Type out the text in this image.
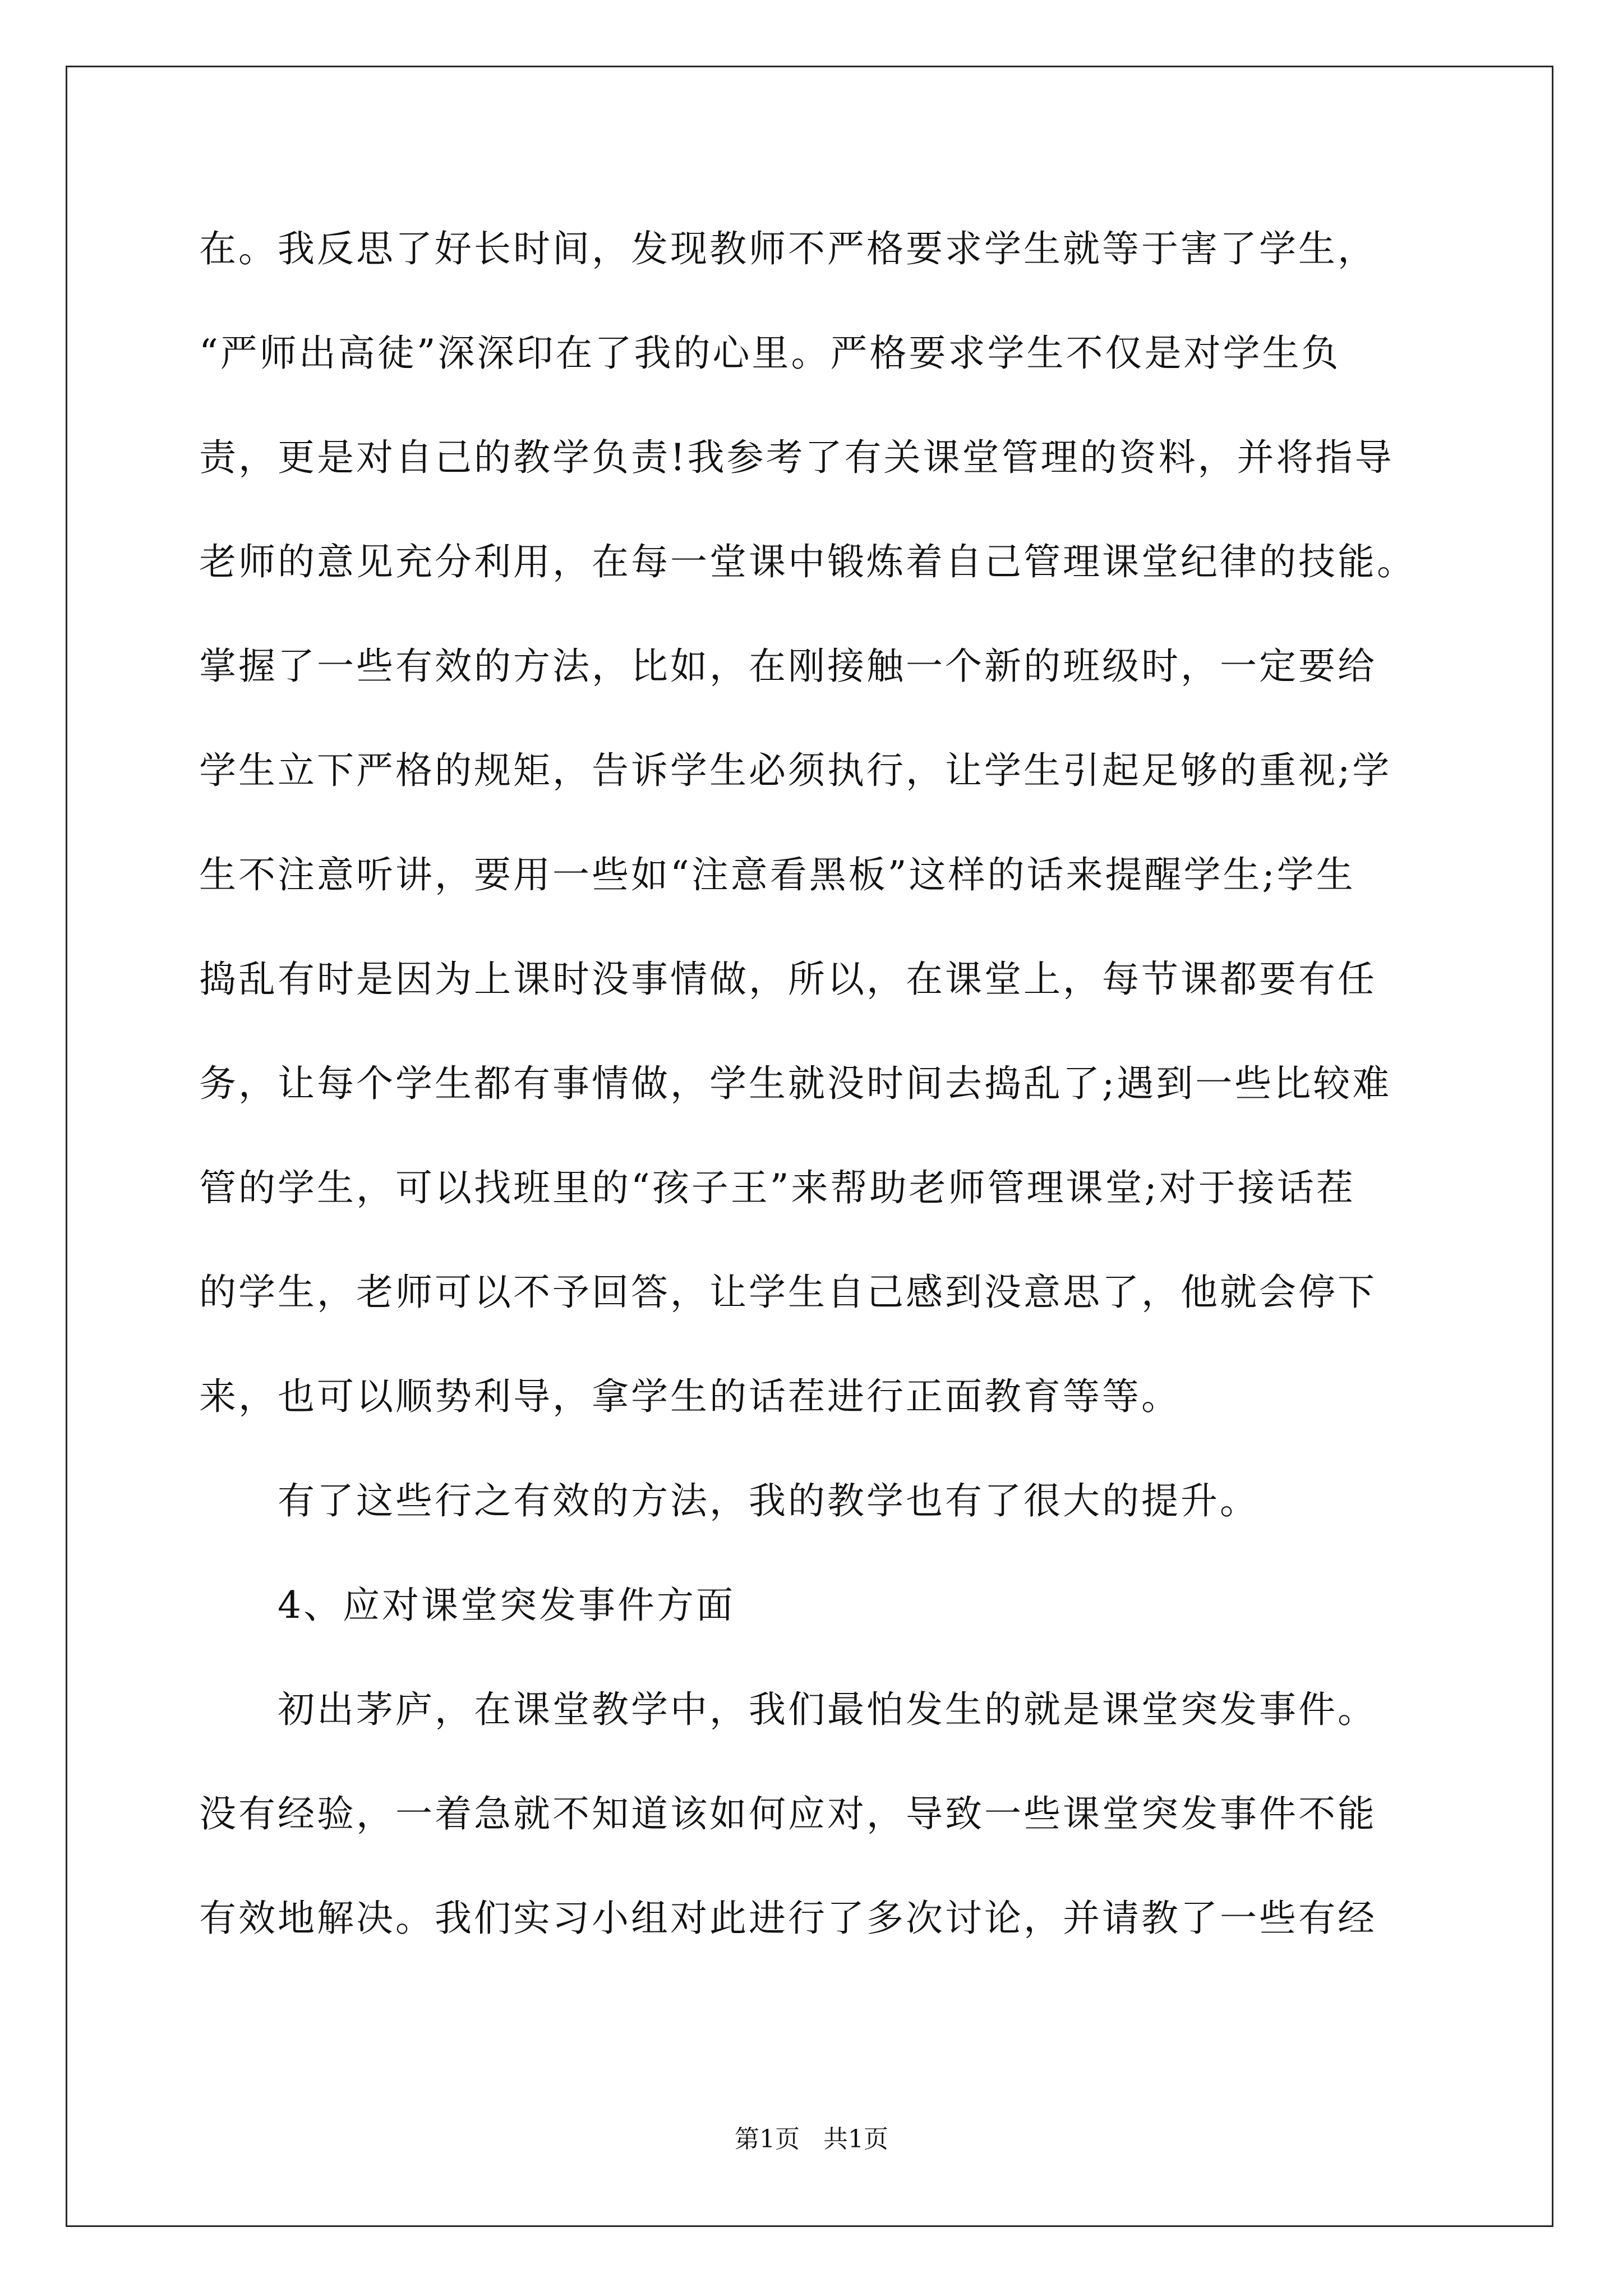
在。我反思了好长时间，发现教师不严格要求学生就等于害了学生，
“严师出高徒”深深印在了我的心里。严格要求学生不仅是对学生负
责，更是对自己的教学负责!我参考了有关课堂管理的资料，并将指导
老师的意见充分利用，在每一堂课中锻炼着自己管理课堂纪律的技能。
掌握了一些有效的方法，比如，在刚接触一个新的班级时，一定要给
学生立下严格的规矩，告诉学生必须执行，让学生引起足够的重视;学
生不注意听讲，要用一些如“注意看黑板”这样的话来提醒学生;学生
捣乱有时是因为上课时没事情做，所以，在课堂上，每节课都要有任
务，让每个学生都有事情做，学生就没时间去捣乱了;遇到一些比较难
管的学生，可以找班里的“孩子王”来帮助老师管理课堂;对于接话茬
的学生，老师可以不予回答，让学生自己感到没意思了，他就会停下
来，也可以顺势利导，拿学生的话茬进行正面教育等等。
有了这些行之有效的方法，我的教学也有了很大的提升。
4、应对课堂突发事件方面
初出茅庐，在课堂教学中，我们最怕发生的就是课堂突发事件。
没有经验，一着急就不知道该如何应对，导致一些课堂突发事件不能
有效地解决。我们实习小组对此进行了多次讨论，并请教了一些有经
第1页   共1页
